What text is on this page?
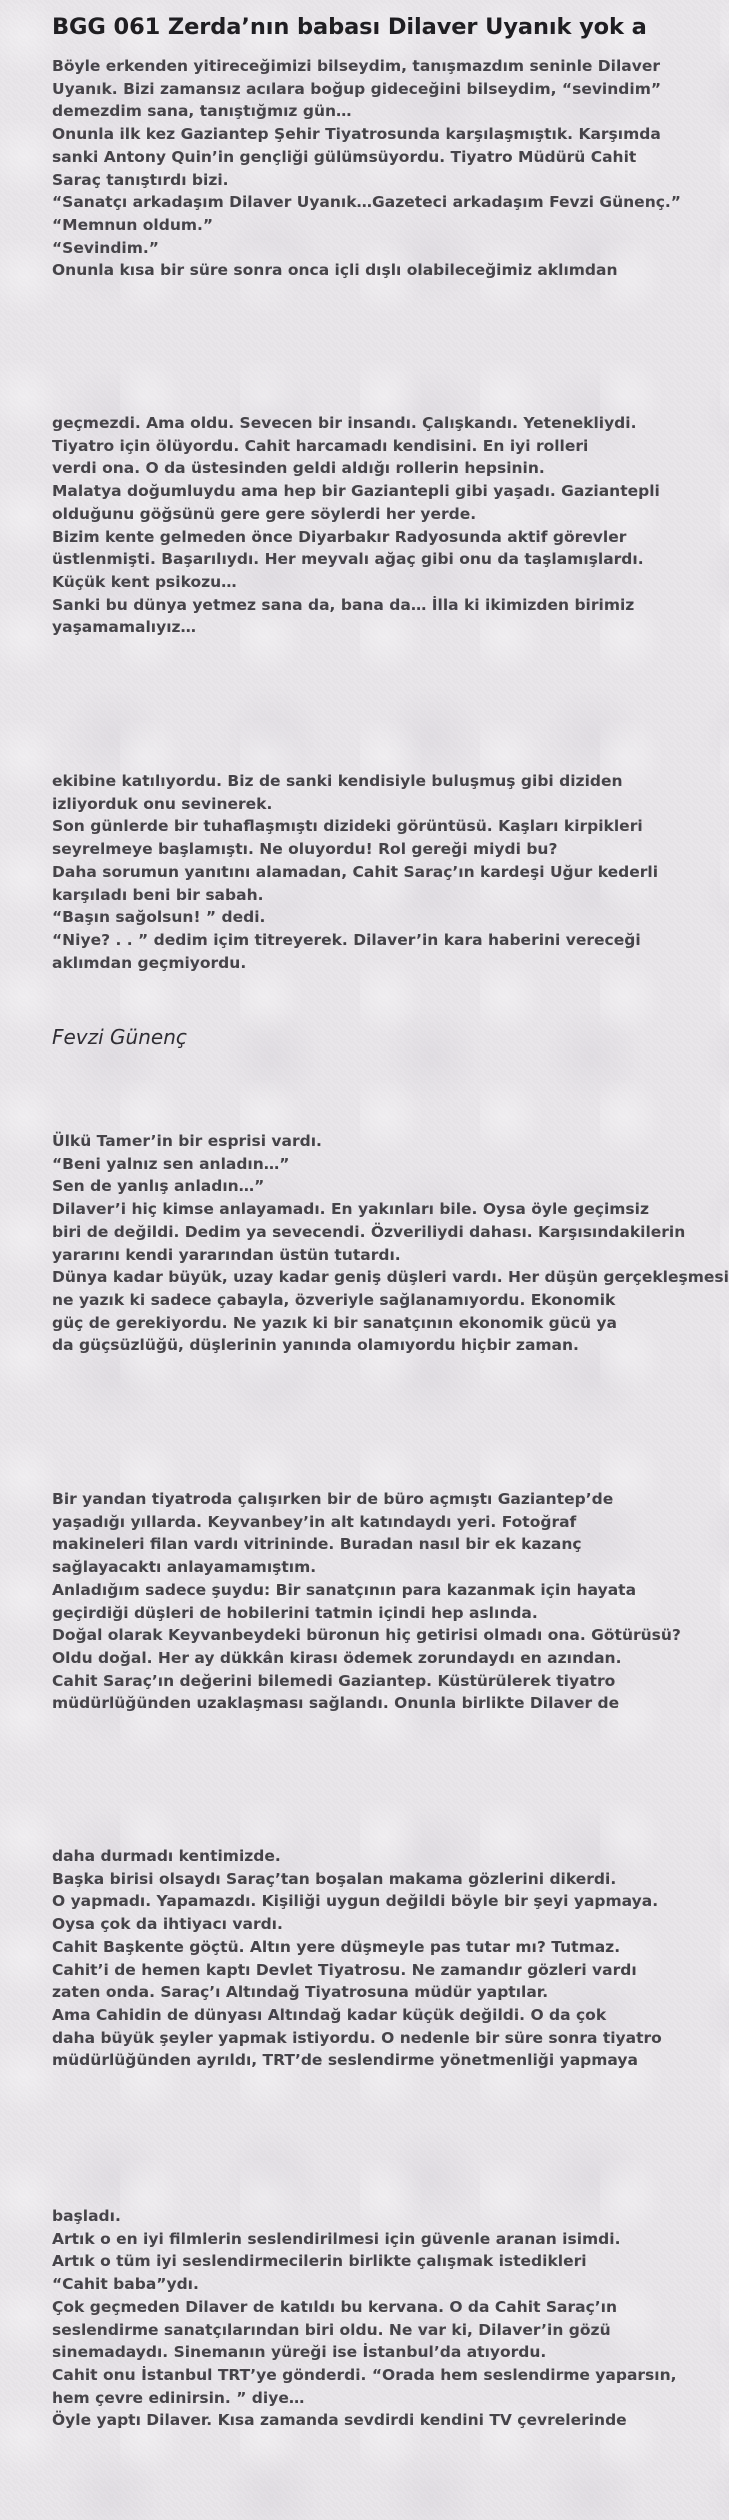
BGG 061 Zerda’nın babası Dilaver Uyanık yok a
Böyle erkenden yitireceğimizi bilseydim, tanışmazdım seninle Dilaver
Uyanık. Bizi zamansız acılara boğup gideceğini bilseydim, “sevindim”
demezdim sana, tanıştığmız gün…
Onunla ilk kez Gaziantep Şehir Tiyatrosunda karşılaşmıştık. Karşımda
sanki Antony Quin’in gençliği gülümsüyordu. Tiyatro Müdürü Cahit
Saraç tanıştırdı bizi.
“Sanatçı arkadaşım Dilaver Uyanık…Gazeteci arkadaşım Fevzi Günenç.”
“Memnun oldum.”
“Sevindim.”
Onunla kısa bir süre sonra onca içli dışlı olabileceğimiz aklımdan
geçmezdi. Ama oldu. Sevecen bir insandı. Çalışkandı. Yetenekliydi.
Tiyatro için ölüyordu. Cahit harcamadı kendisini. En iyi rolleri
verdi ona. O da üstesinden geldi aldığı rollerin hepsinin.
Malatya doğumluydu ama hep bir Gaziantepli gibi yaşadı. Gaziantepli
olduğunu göğsünü gere gere söylerdi her yerde.
Bizim kente gelmeden önce Diyarbakır Radyosunda aktif görevler
üstlenmişti. Başarılıydı. Her meyvalı ağaç gibi onu da taşlamışlardı.
Küçük kent psikozu…
Sanki bu dünya yetmez sana da, bana da… İlla ki ikimizden birimiz
yaşamamalıyız…
ekibine katılıyordu. Biz de sanki kendisiyle buluşmuş gibi diziden
izliyorduk onu sevinerek.
Son günlerde bir tuhaflaşmıştı dizideki görüntüsü. Kaşları kirpikleri
seyrelmeye başlamıştı. Ne oluyordu! Rol gereği miydi bu?
Daha sorumun yanıtını alamadan, Cahit Saraç’ın kardeşi Uğur kederli
karşıladı beni bir sabah.
“Başın sağolsun! ” dedi.
“Niye? . . ” dedim içim titreyerek. Dilaver’in kara haberini vereceği
aklımdan geçmiyordu.
Fevzi Günenç
Ülkü Tamer’in bir esprisi vardı.
“Beni yalnız sen anladın…”
Sen de yanlış anladın…”
Dilaver’i hiç kimse anlayamadı. En yakınları bile. Oysa öyle geçimsiz
biri de değildi. Dedim ya sevecendi. Özveriliydi dahası. Karşısındakilerin
yararını kendi yararından üstün tutardı.
Dünya kadar büyük, uzay kadar geniş düşleri vardı. Her düşün gerçekleşmesi
ne yazık ki sadece çabayla, özveriyle sağlanamıyordu. Ekonomik
güç de gerekiyordu. Ne yazık ki bir sanatçının ekonomik gücü ya
da güçsüzlüğü, düşlerinin yanında olamıyordu hiçbir zaman.
Bir yandan tiyatroda çalışırken bir de büro açmıştı Gaziantep’de
yaşadığı yıllarda. Keyvanbey’in alt katındaydı yeri. Fotoğraf
makineleri filan vardı vitrininde. Buradan nasıl bir ek kazanç
sağlayacaktı anlayamamıştım.
Anladığım sadece şuydu: Bir sanatçının para kazanmak için hayata
geçirdiği düşleri de hobilerini tatmin içindi hep aslında.
Doğal olarak Keyvanbeydeki büronun hiç getirisi olmadı ona. Götürüsü?
Oldu doğal. Her ay dükkân kirası ödemek zorundaydı en azından.
Cahit Saraç’ın değerini bilemedi Gaziantep. Küstürülerek tiyatro
müdürlüğünden uzaklaşması sağlandı. Onunla birlikte Dilaver de
daha durmadı kentimizde.
Başka birisi olsaydı Saraç’tan boşalan makama gözlerini dikerdi.
O yapmadı. Yapamazdı. Kişiliği uygun değildi böyle bir şeyi yapmaya.
Oysa çok da ihtiyacı vardı.
Cahit Başkente göçtü. Altın yere düşmeyle pas tutar mı? Tutmaz.
Cahit’i de hemen kaptı Devlet Tiyatrosu. Ne zamandır gözleri vardı
zaten onda. Saraç’ı Altındağ Tiyatrosuna müdür yaptılar.
Ama Cahidin de dünyası Altındağ kadar küçük değildi. O da çok
daha büyük şeyler yapmak istiyordu. O nedenle bir süre sonra tiyatro
müdürlüğünden ayrıldı, TRT’de seslendirme yönetmenliği yapmaya
başladı.
Artık o en iyi filmlerin seslendirilmesi için güvenle aranan isimdi.
Artık o tüm iyi seslendirmecilerin birlikte çalışmak istedikleri
“Cahit baba”ydı.
Çok geçmeden Dilaver de katıldı bu kervana. O da Cahit Saraç’ın
seslendirme sanatçılarından biri oldu. Ne var ki, Dilaver’in gözü
sinemadaydı. Sinemanın yüreği ise İstanbul’da atıyordu.
Cahit onu İstanbul TRT’ye gönderdi. “Orada hem seslendirme yaparsın,
hem çevre edinirsin. ” diye…
Öyle yaptı Dilaver. Kısa zamanda sevdirdi kendini TV çevrelerinde
